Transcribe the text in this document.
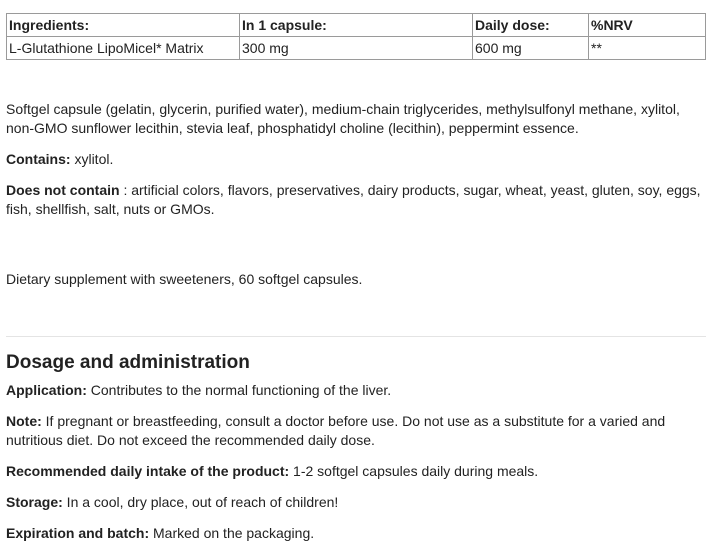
Ingredients:	In 1 capsule:	Daily dose:	%NRV
L-Glutathione LipoMicel* Matrix	300 mg	600 mg	**

Softgel capsule (gelatin, glycerin, purified water), medium-chain triglycerides, methylsulfonyl methane, xylitol, non-GMO sunflower lecithin, stevia leaf, phosphatidyl choline (lecithin), peppermint essence.

Contains: xylitol.

Does not contain : artificial colors, flavors, preservatives, dairy products, sugar, wheat, yeast, gluten, soy, eggs, fish, shellfish, salt, nuts or GMOs.

Dietary supplement with sweeteners, 60 softgel capsules.

Dosage and administration

Application: Contributes to the normal functioning of the liver.

Note: If pregnant or breastfeeding, consult a doctor before use. Do not use as a substitute for a varied and nutritious diet. Do not exceed the recommended daily dose.

Recommended daily intake of the product: 1-2 softgel capsules daily during meals.

Storage: In a cool, dry place, out of reach of children!

Expiration and batch: Marked on the packaging.
